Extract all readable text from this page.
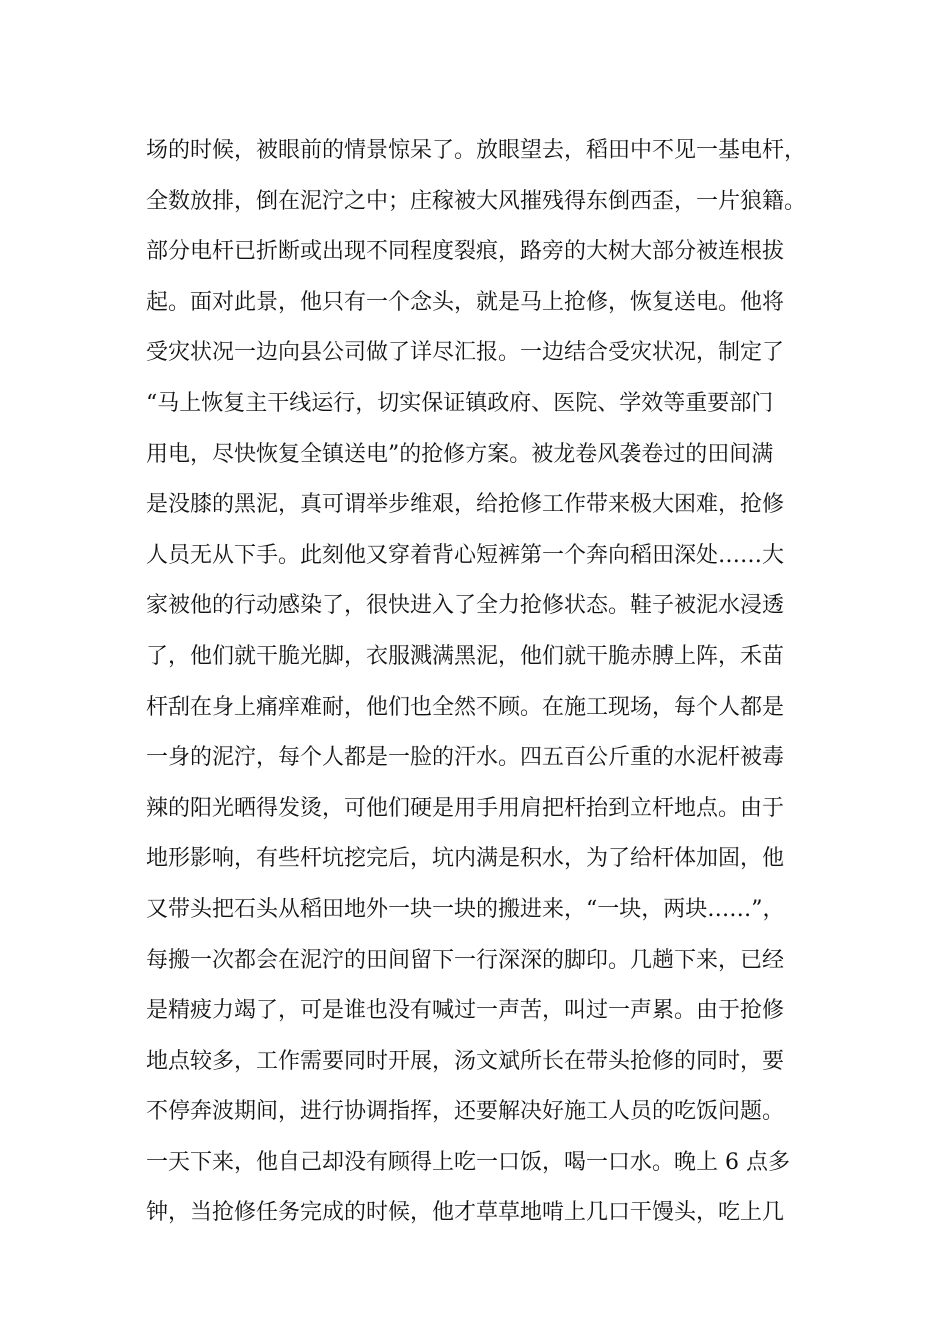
场的时候，被眼前的情景惊呆了。放眼望去，稻田中不见一基电杆，
全数放排，倒在泥泞之中；庄稼被大风摧残得东倒西歪，一片狼籍。
部分电杆已折断或出现不同程度裂痕，路旁的大树大部分被连根拔
起。面对此景，他只有一个念头，就是马上抢修，恢复送电。他将
受灾状况一边向县公司做了详尽汇报。一边结合受灾状况，制定了
“马上恢复主干线运行，切实保证镇政府、医院、学效等重要部门
用电，尽快恢复全镇送电”的抢修方案。被龙卷风袭卷过的田间满
是没膝的黑泥，真可谓举步维艰，给抢修工作带来极大困难，抢修
人员无从下手。此刻他又穿着背心短裤第一个奔向稻田深处……大
家被他的行动感染了，很快进入了全力抢修状态。鞋子被泥水浸透
了，他们就干脆光脚，衣服溅满黑泥，他们就干脆赤膊上阵，禾苗
杆刮在身上痛痒难耐，他们也全然不顾。在施工现场，每个人都是
一身的泥泞，每个人都是一脸的汗水。四五百公斤重的水泥杆被毒
辣的阳光晒得发烫，可他们硬是用手用肩把杆抬到立杆地点。由于
地形影响，有些杆坑挖完后，坑内满是积水，为了给杆体加固，他
又带头把石头从稻田地外一块一块的搬进来，“一块，两块……”，
每搬一次都会在泥泞的田间留下一行深深的脚印。几趟下来，已经
是精疲力竭了，可是谁也没有喊过一声苦，叫过一声累。由于抢修
地点较多，工作需要同时开展，汤文斌所长在带头抢修的同时，要
不停奔波期间，进行协调指挥，还要解决好施工人员的吃饭问题。
一天下来，他自己却没有顾得上吃一口饭，喝一口水。晚上 6 点多
钟，当抢修任务完成的时候，他才草草地啃上几口干馒头，吃上几
